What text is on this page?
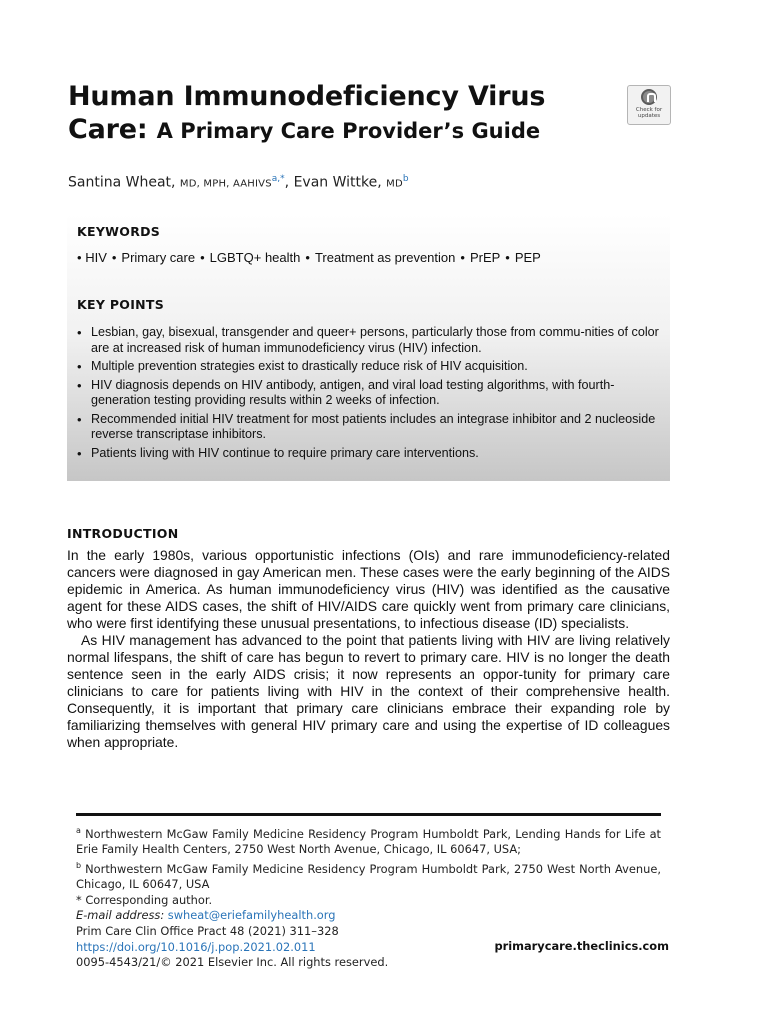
Human Immunodeficiency Virus
Care: A Primary Care Provider’s Guide
Check for updates

Santina Wheat, MD, MPH, $AAHIVS^{a,*}$, Evan Wittke, $MD^b$

KEYWORDS

• HIV • Primary care • LGBTQ+ health • Treatment as prevention • PrEP • PEP

KEY POINTS
• Lesbian, gay, bisexual, transgender and queer+ persons, particularly those from commu-nities of color are at increased risk of human immunodeficiency virus (HIV) infection.
• Multiple prevention strategies exist to drastically reduce risk of HIV acquisition.
• HIV diagnosis depends on HIV antibody, antigen, and viral load testing algorithms, with fourth-generation testing providing results within 2 weeks of infection.
• Recommended initial HIV treatment for most patients includes an integrase inhibitor and 2 nucleoside reverse transcriptase inhibitors.
• Patients living with HIV continue to require primary care interventions.
INTRODUCTION

In the early 1980s, various opportunistic infections (OIs) and rare immunodeficiency-related cancers were diagnosed in gay American men. These cases were the early beginning of the AIDS epidemic in America. As human immunodeficiency virus (HIV) was identified as the causative agent for these AIDS cases, the shift of HIV/AIDS care quickly went from primary care clinicians, who were first identifying these unusual presentations, to infectious disease (ID) specialists.

As HIV management has advanced to the point that patients living with HIV are living relatively normal lifespans, the shift of care has begun to revert to primary care. HIV is no longer the death sentence seen in the early AIDS crisis; it now represents an oppor-tunity for primary care clinicians to care for patients living with HIV in the context of their comprehensive health. Consequently, it is important that primary care clinicians embrace their expanding role by familiarizing themselves with general HIV primary care and using the expertise of ID colleagues when appropriate.

$^a$ Northwestern McGaw Family Medicine Residency Program Humboldt Park, Lending Hands for Life at Erie Family Health Centers, 2750 West North Avenue, Chicago, IL 60647, USA;

$^b$ Northwestern McGaw Family Medicine Residency Program Humboldt Park, 2750 West North Avenue, Chicago, IL 60647, USA

* Corresponding author.

E-mail address: swheat@eriefamilyhealth.org

Prim Care Clin Office Pract 48 (2021) 311–328

https://doi.org/10.1016/j.pop.2021.02.011

0095-4543/21/© 2021 Elsevier Inc. All rights reserved.

primarycare.theclinics.com
